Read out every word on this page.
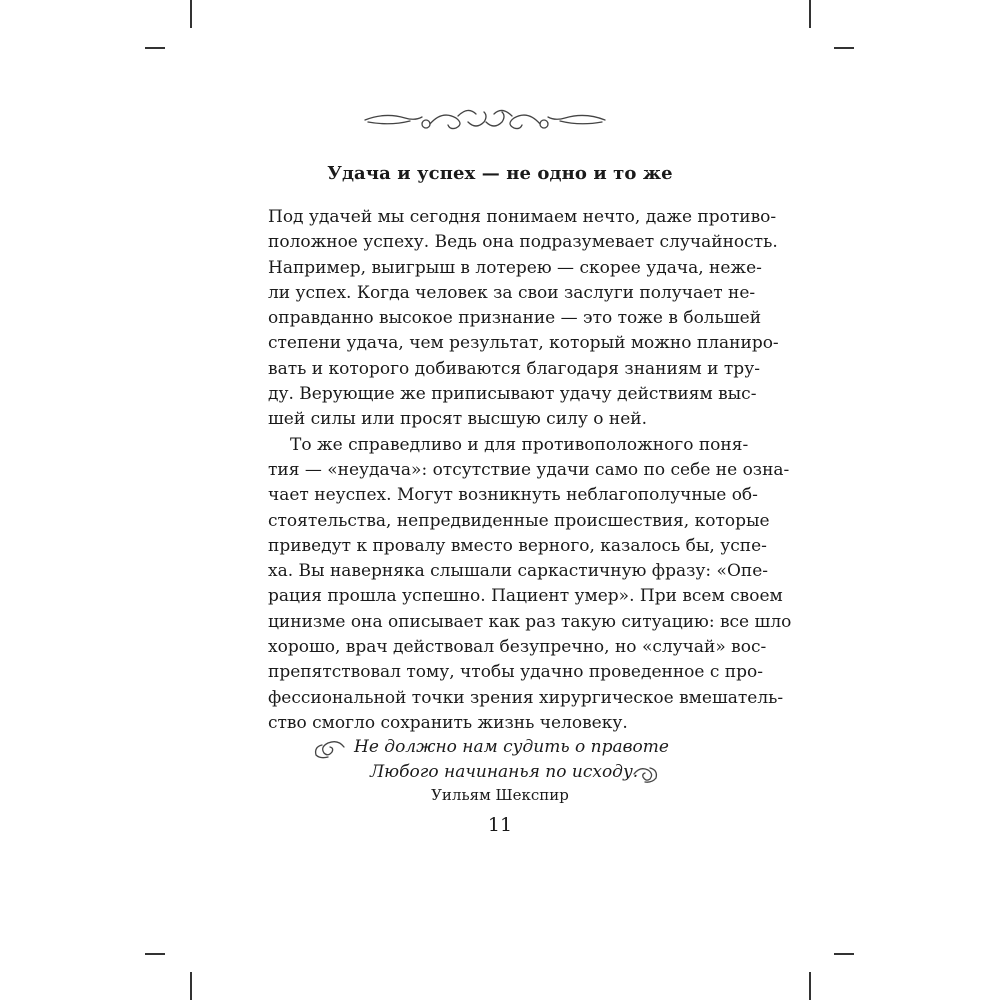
Удача и успех — не одно и то же
Под удачей мы сегодня понимаем нечто, даже противо-
положное успеху. Ведь она подразумевает случайность.
Например, выигрыш в лотерею — скорее удача, неже-
ли успех. Когда человек за свои заслуги получает не-
оправданно высокое признание — это тоже в большей
степени удача, чем результат, который можно планиро-
вать и которого добиваются благодаря знаниям и тру-
ду. Верующие же приписывают удачу действиям выс-
шей силы или просят высшую силу о ней.
То же справедливо и для противоположного поня-
тия — «неудача»: отсутствие удачи само по себе не озна-
чает неуспех. Могут возникнуть неблагополучные об-
стоятельства, непредвиденные происшествия, которые
приведут к провалу вместо верного, казалось бы, успе-
ха. Вы наверняка слышали саркастичную фразу: «Опе-
рация прошла успешно. Пациент умер». При всем своем
цинизме она описывает как раз такую ситуацию: все шло
хорошо, врач действовал безупречно, но «случай» вос-
препятствовал тому, чтобы удачно проведенное с про-
фессиональной точки зрения хирургическое вмешатель-
ство смогло сохранить жизнь человеку.
Не должно нам судить о правоте
Любого начинанья по исходу.
Уильям Шекспир
11
